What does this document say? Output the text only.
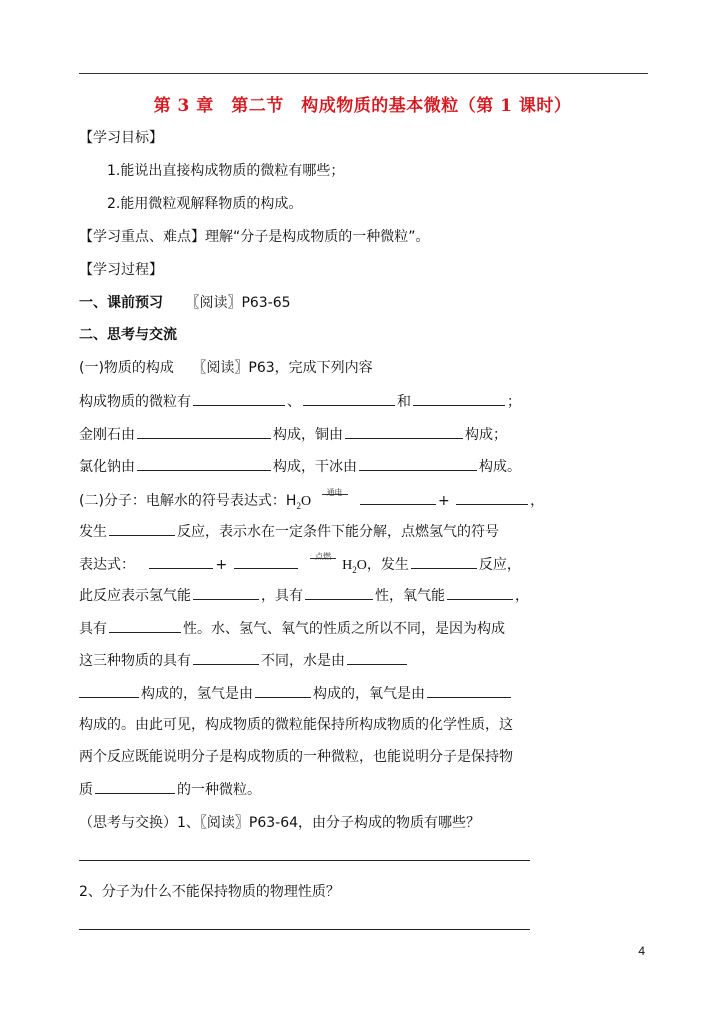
第 3 章　第二节　构成物质的基本微粒（第 1 课时）
【学习目标】
1.能说出直接构成物质的微粒有哪些；
2.能用微粒观解释物质的构成。
【学习重点、难点】理解“分子是构成物质的一种微粒”。
【学习过程】
一、课前预习 〖阅读〗P63-65
二、思考与交流
(一)物质的构成　 〖阅读〗P63，完成下列内容
构成物质的微粒有	、	和	；
金刚石由	构成，铜由	构成；
氯化钠由	构成，干冰由	构成。
(二)分子：电解水的符号表达式：$H_2O$
通电
+	，
发生	反应，表示水在一定条件下能分解，点燃氢气的符号
表达式：	+
点燃
$H_2O$，发生	反应，
此反应表示氢气能	，具有	性，氧气能	，
具有	性。水、氢气、氧气的性质之所以不同，是因为构成
这三种物质的具有	不同，水是由
构成的，氢气是由	构成的，氧气是由
构成的。由此可见，构成物质的微粒能保持所构成物质的化学性质，这
两个反应既能说明分子是构成物质的一种微粒，也能说明分子是保持物
质	的一种微粒。
（思考与交换）1、〖阅读〗P63-64，由分子构成的物质有哪些？
2、分子为什么不能保持物质的物理性质？
4
